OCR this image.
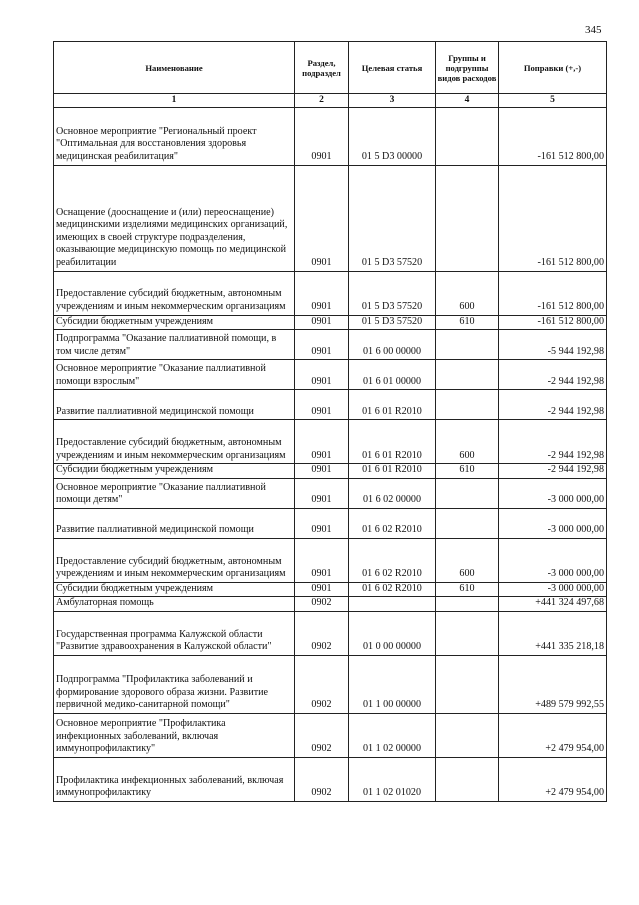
345
Наименование	Раздел, подраздел	Целевая статья	Группы и подгруппы видов расходов	Поправки (+,-)
1	2	3	4	5
Основное мероприятие "Региональный проект "Оптимальная для восстановления здоровья медицинская реабилитация"	0901	01 5 D3 00000		-161 512 800,00
Оснащение (дооснащение и (или) переоснащение) медицинскими изделиями медицинских организаций, имеющих в своей структуре подразделения, оказывающие медицинскую помощь по медицинской реабилитации	0901	01 5 D3 57520		-161 512 800,00
Предоставление субсидий бюджетным, автономным учреждениям и иным некоммерческим организациям	0901	01 5 D3 57520	600	-161 512 800,00
Субсидии бюджетным учреждениям	0901	01 5 D3 57520	610	-161 512 800,00
Подпрограмма "Оказание паллиативной помощи, в том числе детям"	0901	01 6 00 00000		-5 944 192,98
Основное мероприятие "Оказание паллиативной помощи взрослым"	0901	01 6 01 00000		-2 944 192,98
Развитие паллиативной медицинской помощи	0901	01 6 01 R2010		-2 944 192,98
Предоставление субсидий бюджетным, автономным учреждениям и иным некоммерческим организациям	0901	01 6 01 R2010	600	-2 944 192,98
Субсидии бюджетным учреждениям	0901	01 6 01 R2010	610	-2 944 192,98
Основное мероприятие "Оказание паллиативной помощи детям"	0901	01 6 02 00000		-3 000 000,00
Развитие паллиативной медицинской помощи	0901	01 6 02 R2010		-3 000 000,00
Предоставление субсидий бюджетным, автономным учреждениям и иным некоммерческим организациям	0901	01 6 02 R2010	600	-3 000 000,00
Субсидии бюджетным учреждениям	0901	01 6 02 R2010	610	-3 000 000,00
Амбулаторная помощь	0902			+441 324 497,68
Государственная программа Калужской области "Развитие здравоохранения в Калужской области"	0902	01 0 00 00000		+441 335 218,18
Подпрограмма "Профилактика заболеваний и формирование здорового образа жизни. Развитие первичной медико-санитарной помощи"	0902	01 1 00 00000		+489 579 992,55
Основное мероприятие "Профилактика инфекционных заболеваний, включая иммунопрофилактику"	0902	01 1 02 00000		+2 479 954,00
Профилактика инфекционных заболеваний, включая иммунопрофилактику	0902	01 1 02 01020		+2 479 954,00
